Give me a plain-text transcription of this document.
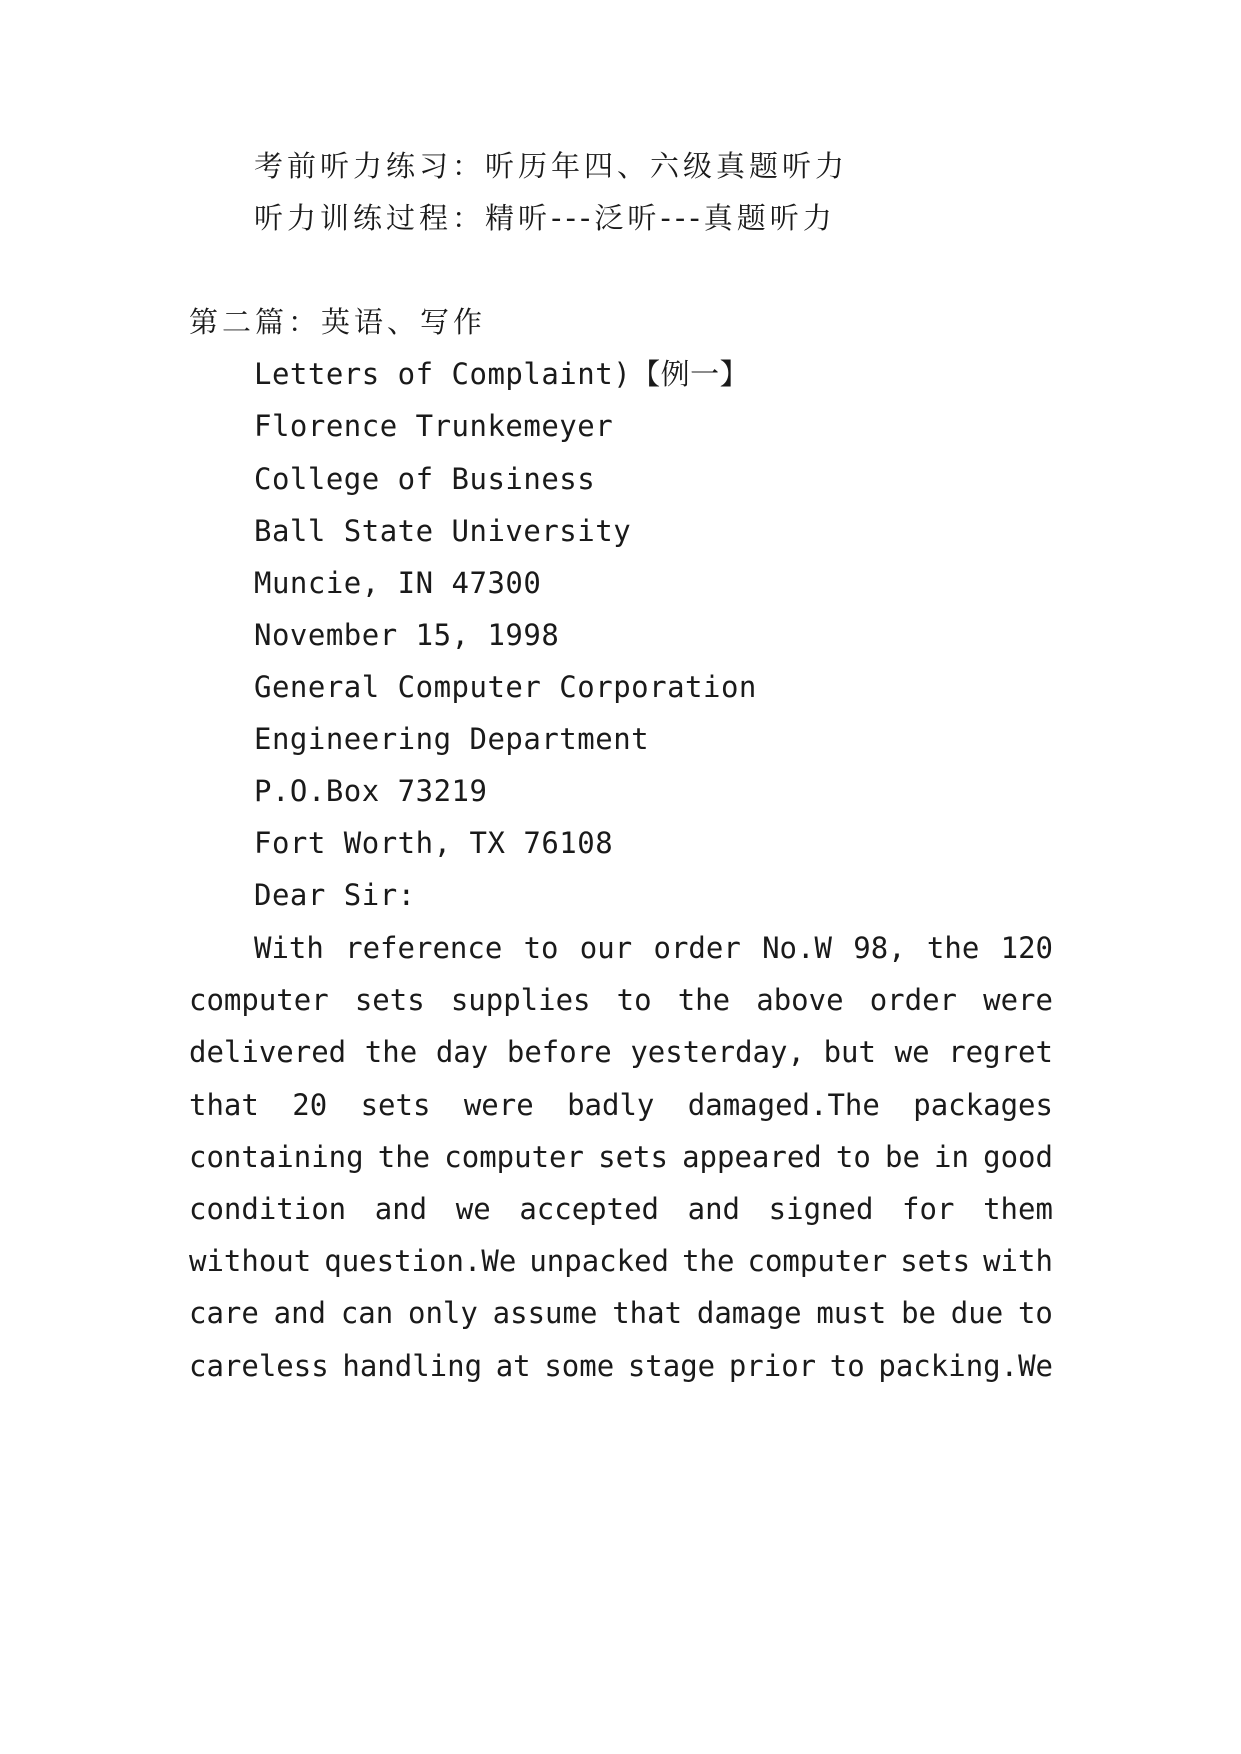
考前听力练习：听历年四、六级真题听力
听力训练过程：精听---泛听---真题听力
第二篇：英语、写作
Letters of Complaint)【例一】
Florence Trunkemeyer
College of Business
Ball State University
Muncie, IN 47300
November 15, 1998
General Computer Corporation
Engineering Department
P.O.Box 73219
Fort Worth, TX 76108
Dear Sir:
With reference to our order No.W 98, the 120
computer sets supplies to the above order were
delivered the day before yesterday, but we regret
that 20 sets were badly damaged.The packages
containing the computer sets appeared to be in good
condition and we accepted and signed for them
without question.We unpacked the computer sets with
care and can only assume that damage must be due to
careless handling at some stage prior to packing.We
